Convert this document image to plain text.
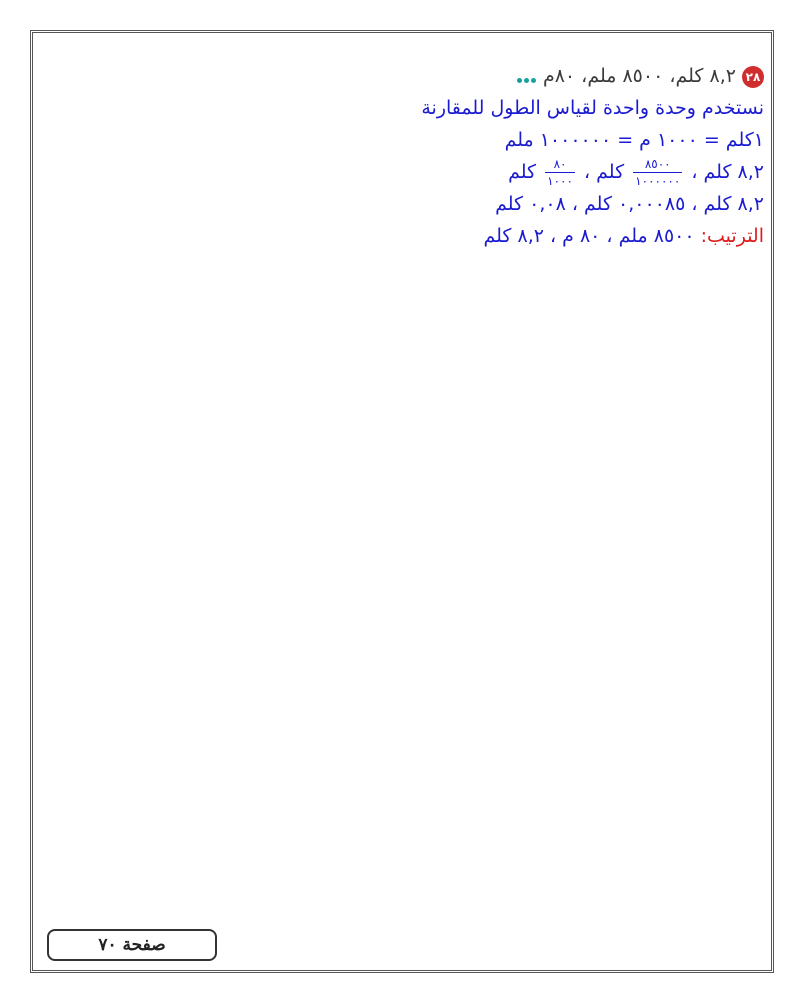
٢٨ ٨,٢ كلم، ٨٥٠٠ ملم، ٨٠م
نستخدم وحدة واحدة لقياس الطول للمقارنة
١كلم = ١٠٠٠ م = ١٠٠٠٠٠٠ ملم
٨,٢ كلم ،
$\frac{٨٥٠٠}{١٠٠٠٠٠٠}$
كلم ،
$\frac{٨٠}{١٠٠٠}$
كلم
٨,٢ كلم ، ٠,٠٠٠٨٥ كلم ، ٠,٠٨ كلم
الترتيب: ٨٥٠٠ ملم ، ٨٠ م ، ٨,٢ كلم
صفحة ٧٠
